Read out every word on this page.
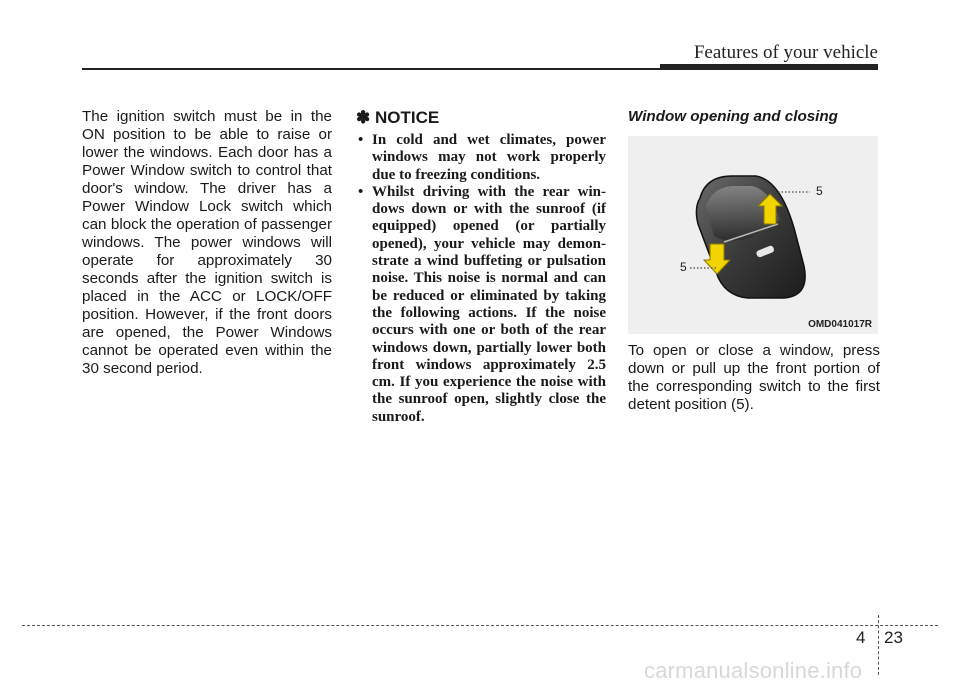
Features of your vehicle

The ignition switch must be in the ON position to be able to raise or lower the windows. Each door has a Power Window switch to control that door's window. The driver has a Power Window Lock switch which can block the operation of passenger windows. The power windows will operate for approximately 30 seconds after the ignition switch is placed in the ACC or LOCK/OFF position. However, if the front doors are opened, the Power Windows cannot be operated even within the 30 second period.

✽ NOTICE
• In cold and wet climates, power windows may not work properly due to freezing conditions.
• Whilst driving with the rear win-dows down or with the sunroof (if equipped) opened (or partially opened), your vehicle may demon-strate a wind buffeting or pulsation noise. This noise is normal and can be reduced or eliminated by taking the following actions. If the noise occurs with one or both of the rear windows down, partially lower both front windows approximately 2.5 cm. If you experience the noise with the sunroof open, slightly close the sunroof.
Window opening and closing
5
5
OMD041017R

To open or close a window, press down or pull up the front portion of the corresponding switch to the first detent position (5).

4 23
carmanualsonline.info
